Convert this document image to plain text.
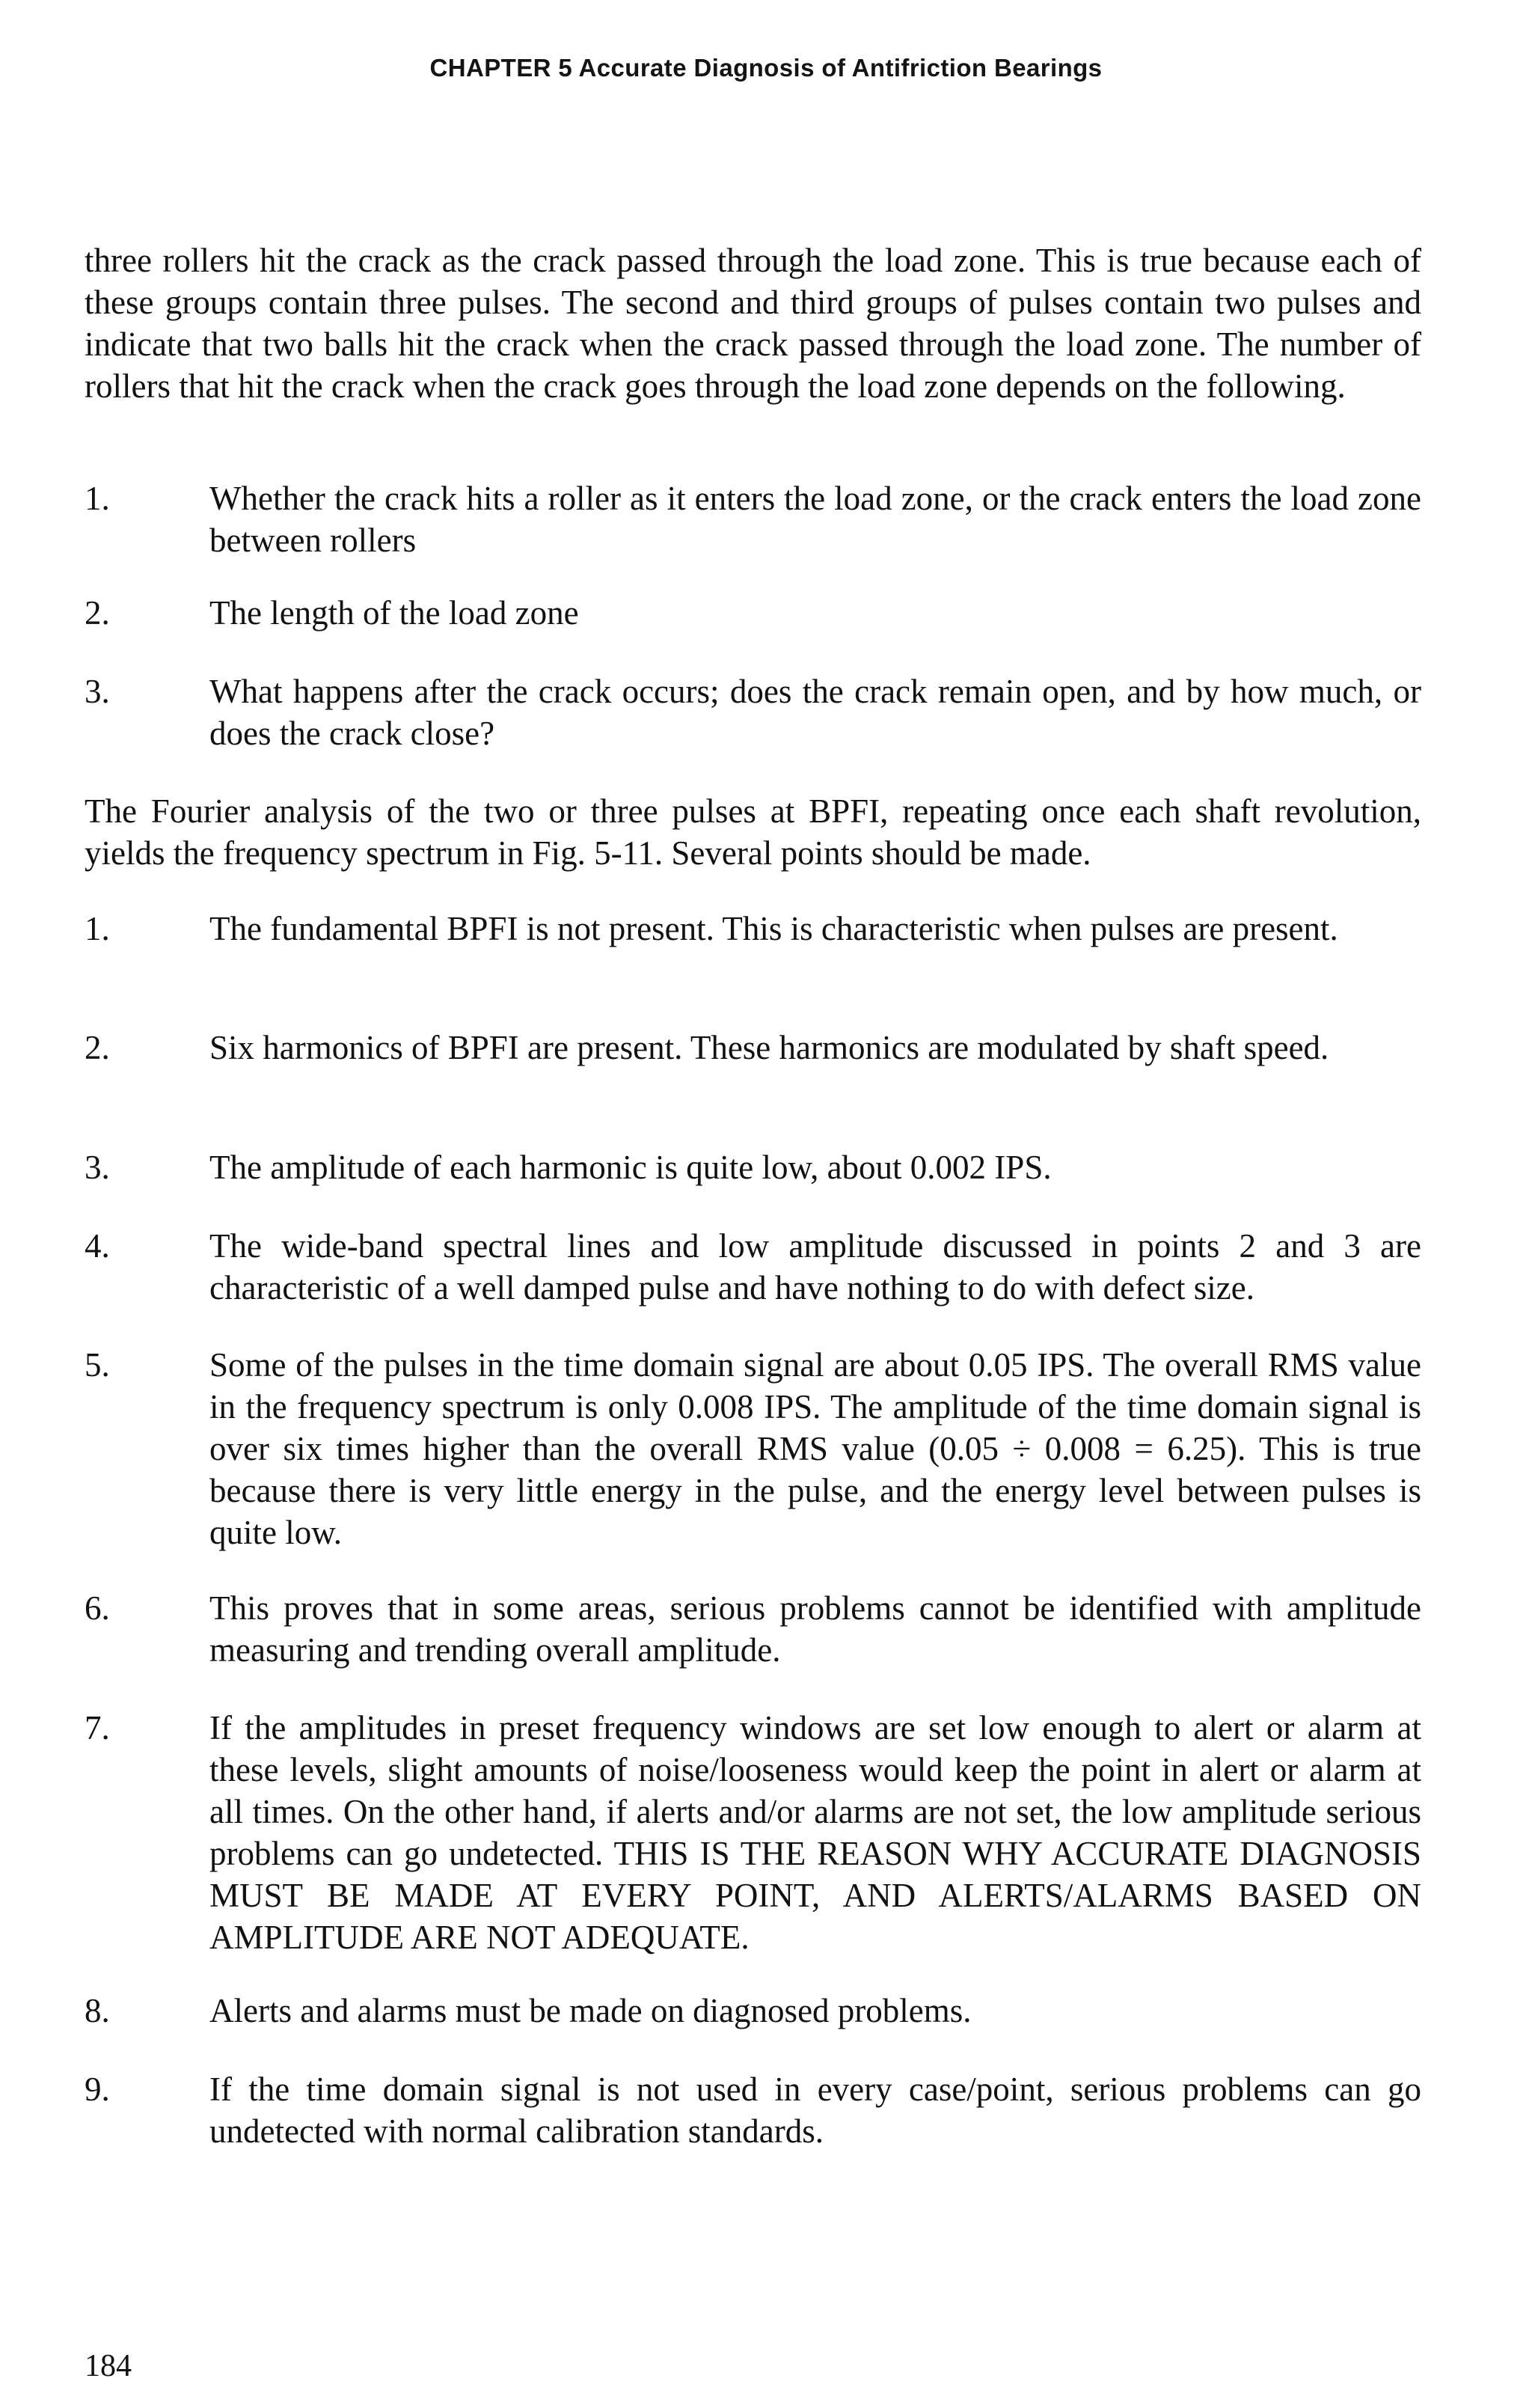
CHAPTER 5 Accurate Diagnosis of Antifriction Bearings

three rollers hit the crack as the crack passed through the load zone. This is true because each of these groups contain three pulses. The second and third groups of pulses contain two pulses and indicate that two balls hit the crack when the crack passed through the load zone. The number of rollers that hit the crack when the crack goes through the load zone depends on the following.

1.	Whether the crack hits a roller as it enters the load zone, or the crack enters the load zone between rollers

2.	The length of the load zone

3.	What happens after the crack occurs; does the crack remain open, and by how much, or does the crack close?

The Fourier analysis of the two or three pulses at BPFI, repeating once each shaft revolution, yields the frequency spectrum in Fig. 5-11. Several points should be made.

1.	The fundamental BPFI is not present. This is characteristic when pulses are present.

2.	Six harmonics of BPFI are present. These harmonics are modulated by shaft speed.

3.	The amplitude of each harmonic is quite low, about 0.002 IPS.

4.	The wide-band spectral lines and low amplitude discussed in points 2 and 3 are characteristic of a well damped pulse and have nothing to do with defect size.

5.	Some of the pulses in the time domain signal are about 0.05 IPS. The overall RMS value in the frequency spectrum is only 0.008 IPS. The amplitude of the time domain signal is over six times higher than the overall RMS value (0.05 ÷ 0.008 = 6.25). This is true because there is very little energy in the pulse, and the energy level between pulses is quite low.

6.	This proves that in some areas, serious problems cannot be identified with amplitude measuring and trending overall amplitude.

7.	If the amplitudes in preset frequency windows are set low enough to alert or alarm at these levels, slight amounts of noise/looseness would keep the point in alert or alarm at all times. On the other hand, if alerts and/or alarms are not set, the low amplitude serious problems can go undetected. THIS IS THE REASON WHY ACCURATE DIAGNOSIS MUST BE MADE AT EVERY POINT, AND ALERTS/ALARMS BASED ON AMPLITUDE ARE NOT ADEQUATE.

8.	Alerts and alarms must be made on diagnosed problems.

9.	If the time domain signal is not used in every case/point, serious problems can go undetected with normal calibration standards.

184
